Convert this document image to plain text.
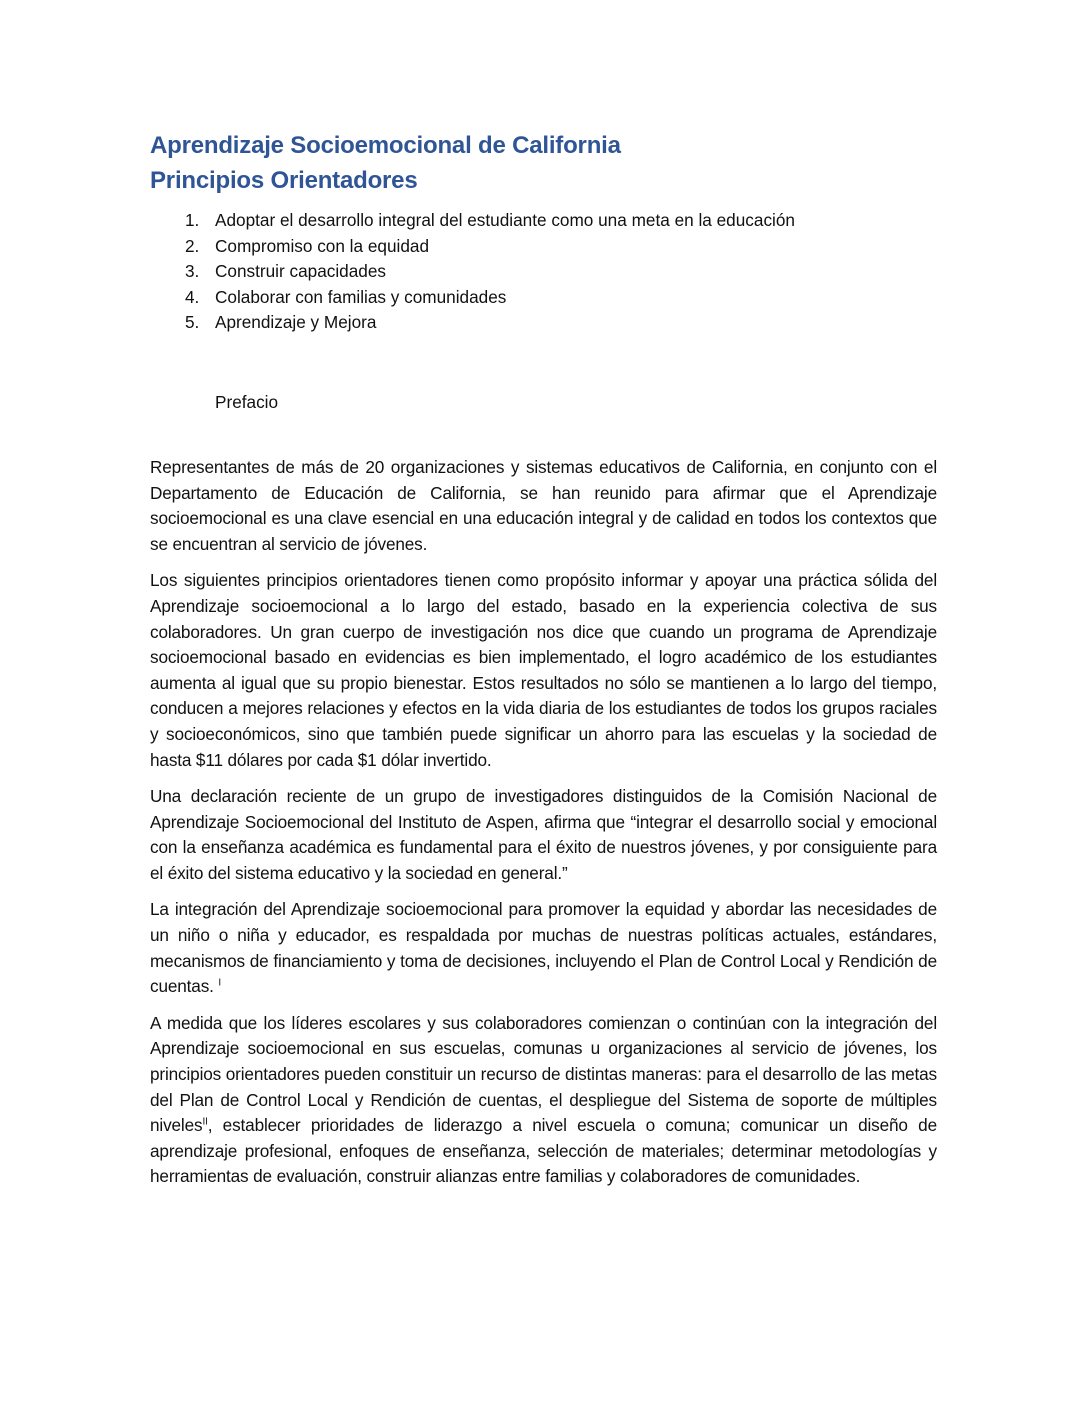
Aprendizaje Socioemocional de California
Principios Orientadores
1. Adoptar el desarrollo integral del estudiante como una meta en la educación
2. Compromiso con la equidad
3. Construir capacidades
4. Colaborar con familias y comunidades
5. Aprendizaje y Mejora
Prefacio

Representantes de más de 20 organizaciones y sistemas educativos de California, en conjunto con el Departamento de Educación de California, se han reunido para afirmar que el Aprendizaje socioemocional es una clave esencial en una educación integral y de calidad en todos los contextos que se encuentran al servicio de jóvenes.

Los siguientes principios orientadores tienen como propósito informar y apoyar una práctica sólida del Aprendizaje socioemocional a lo largo del estado, basado en la experiencia colectiva de sus colaboradores. Un gran cuerpo de investigación nos dice que cuando un programa de Aprendizaje socioemocional basado en evidencias es bien implementado, el logro académico de los estudiantes aumenta al igual que su propio bienestar. Estos resultados no sólo se mantienen a lo largo del tiempo, conducen a mejores relaciones y efectos en la vida diaria de los estudiantes de todos los grupos raciales y socioeconómicos, sino que también puede significar un ahorro para las escuelas y la sociedad de hasta $11 dólares por cada $1 dólar invertido.

Una declaración reciente de un grupo de investigadores distinguidos de la Comisión Nacional de Aprendizaje Socioemocional del Instituto de Aspen, afirma que “integrar el desarrollo social y emocional con la enseñanza académica es fundamental para el éxito de nuestros jóvenes, y por consiguiente para el éxito del sistema educativo y la sociedad en general.”

La integración del Aprendizaje socioemocional para promover la equidad y abordar las necesidades de un niño o niña y educador, es respaldada por muchas de nuestras políticas actuales, estándares, mecanismos de financiamiento y toma de decisiones, incluyendo el Plan de Control Local y Rendición de cuentas. $^I$

A medida que los líderes escolares y sus colaboradores comienzan o continúan con la integración del Aprendizaje socioemocional en sus escuelas, comunas u organizaciones al servicio de jóvenes, los principios orientadores pueden constituir un recurso de distintas maneras: para el desarrollo de las metas del Plan de Control Local y Rendición de cuentas, el despliegue del Sistema de soporte de múltiples niveles$^{II}$, establecer prioridades de liderazgo a nivel escuela o comuna; comunicar un diseño de aprendizaje profesional, enfoques de enseñanza, selección de materiales; determinar metodologías y herramientas de evaluación, construir alianzas entre familias y colaboradores de comunidades.
